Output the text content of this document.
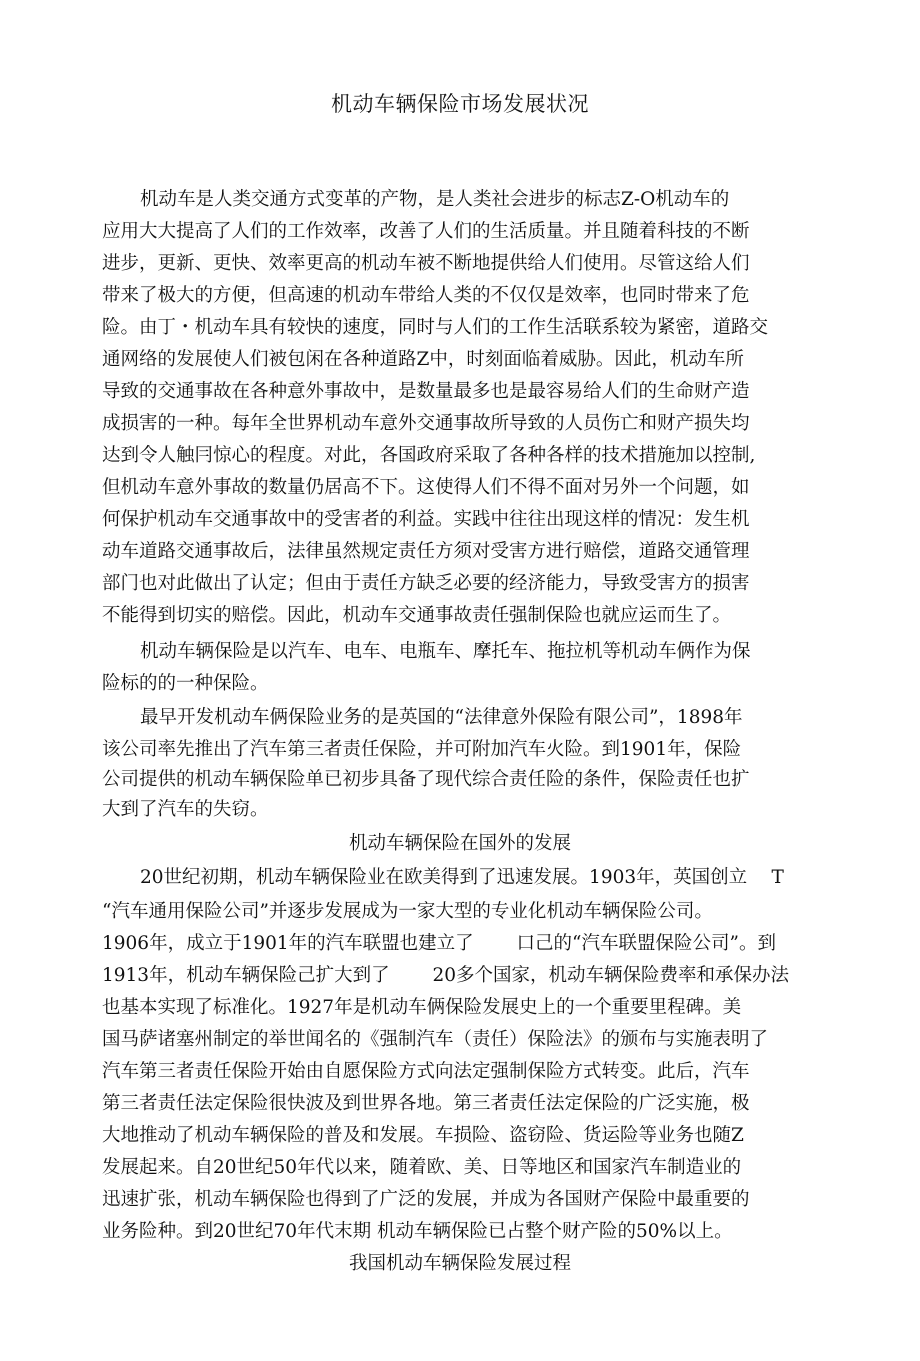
机动车辆保险市场发展状况
机动车是人类交通方式变革的产物，是人类社会进步的标志Z-O机动车的
应用大大提高了人们的工作效率，改善了人们的生活质量。并且随着科技的不断
进步，更新、更快、效率更高的机动车被不断地提供给人们使用。尽管这给人们
带来了极大的方便，但高速的机动车带给人类的不仅仅是效率，也同时带来了危
险。由丁・机动车具有较快的速度，同时与人们的工作生活联系较为紧密，道路交
通网络的发展使人们被包闲在各种道路Z中，时刻面临着威胁。因此，机动车所
导致的交通事故在各种意外事故中，是数量最多也是最容易给人们的生命财产造
成损害的一种。每年全世界机动车意外交通事故所导致的人员伤亡和财产损失均
达到令人触冃惊心的程度。对此，各国政府采取了各种各样的技术措施加以控制,
但机动车意外事故的数量仍居高不下。这使得人们不得不面对另外一个问题，如
何保护机动车交通事故中的受害者的利益。实践中往往出现这样的情况：发生机
动车道路交通事故后，法律虽然规定责任方须对受害方进行赔偿，道路交通管理
部门也对此做出了认定；但由于责任方缺乏必要的经济能力，导致受害方的损害
不能得到切实的赔偿。因此，机动车交通事故责任强制保险也就应运而生了。
机动车辆保险是以汽车、电车、电瓶车、摩托车、拖拉机等机动车俩作为保
险标的的一种保险。
最早开发机动车俩保险业务的是英国的“法律意外保险有限公司”，1898年
该公司率先推出了汽车第三者责任保险，并可附加汽车火险。到1901年，保险
公司提供的机动车辆保险单已初步具备了现代综合责任险的条件，保险责任也扩
大到了汽车的失窃。
机动车辆保险在国外的发展
20世纪初期，机动车辆保险业在欧美得到了迅速发展。1903年，英国创立　 T
“汽车通用保险公司”并逐步发展成为一家大型的专业化机动车辆保险公司。
1906年，成立于1901年的汽车联盟也建立了　　 口己的“汽车联盟保险公司”。到
1913年，机动车辆保险己扩大到了　　 20多个国家，机动车辆保险费率和承保办法
也基本实现了标准化。1927年是机动车俩保险发展史上的一个重要里程碑。美
国马萨诸塞州制定的举世闻名的《强制汽车（责任）保险法》的颁布与实施表明了
汽车第三者责任保险开始由自愿保险方式向法定强制保险方式转变。此后，汽车
第三者责任法定保险很快波及到世界各地。第三者责任法定保险的广泛实施，极
大地推动了机动车辆保险的普及和发展。车损险、盗窃险、货运险等业务也随Z
发展起来。自20世纪50年代以来，随着欧、美、日等地区和国家汽车制造业的
迅速扩张，机动车辆保险也得到了广泛的发展，并成为各国财产保险中最重要的
业务险种。到20世纪70年代末期 机动车辆保险已占整个财产险的50%以上。
我国机动车辆保险发展过程
